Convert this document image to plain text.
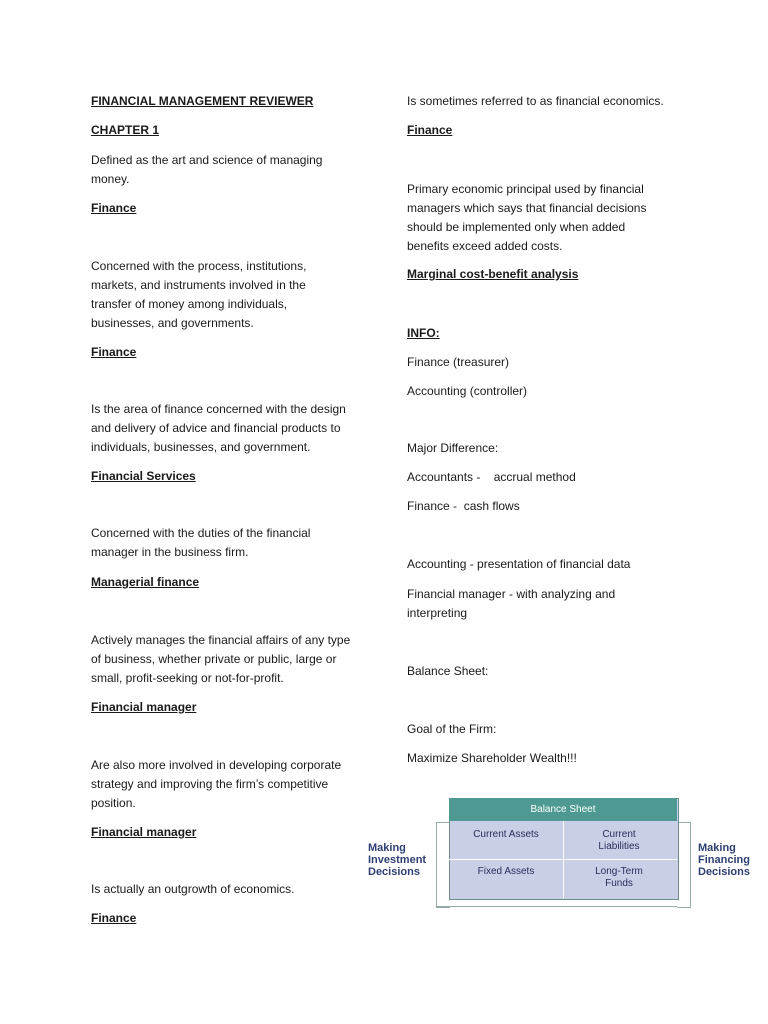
FINANCIAL MANAGEMENT REVIEWER

CHAPTER 1

Defined as the art and science of managing money.

Finance

Concerned with the process, institutions, markets, and instruments involved in the transfer of money among individuals, businesses, and governments.

Finance

Is the area of finance concerned with the design and delivery of advice and financial products to individuals, businesses, and government.

Financial Services

Concerned with the duties of the financial manager in the business firm.

Managerial finance

Actively manages the financial affairs of any type of business, whether private or public, large or small, profit-seeking or not-for-profit.

Financial manager

Are also more involved in developing corporate strategy and improving the firm’s competitive position.

Financial manager

Is actually an outgrowth of economics.

Finance

Is sometimes referred to as financial economics.

Finance

Primary economic principal used by financial managers which says that financial decisions should be implemented only when added benefits exceed added costs.

Marginal cost-benefit analysis

INFO:

Finance (treasurer)

Accounting (controller)

Major Difference:

Accountants -    accrual method

Finance -  cash flows

Accounting - presentation of financial data

Financial manager - with analyzing and interpreting

Balance Sheet:

Goal of the Firm:

Maximize Shareholder Wealth!!!

Balance Sheet
Current Assets	Current Liabilities
Fixed Assets	Long-Term Funds
Making Investment Decisions
Making Financing Decisions
